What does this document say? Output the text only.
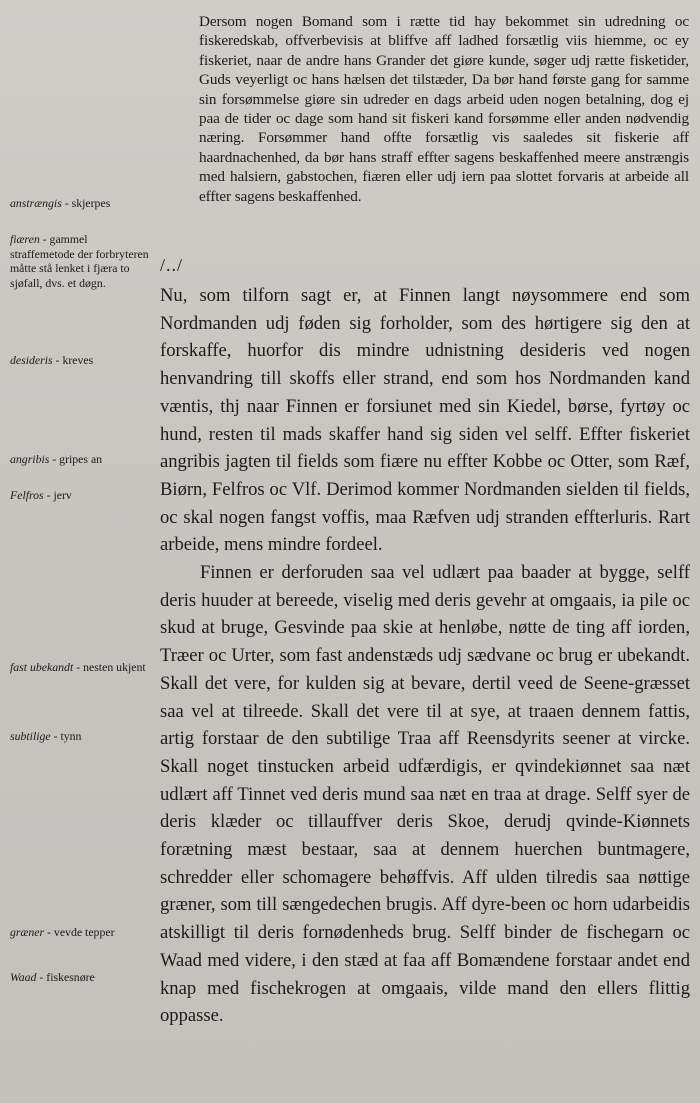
Dersom nogen Bomand som i rætte tid hay bekommet sin udredning oc fiskeredskab, offverbevisis at bliffve aff ladhed forsætlig viis hiemme, oc ey fiskeriet, naar de andre hans Grander det giøre kunde, søger udj rætte fisketider, Guds veyerligt oc hans hælsen det tilstæder, Da bør hand første gang for samme sin forsømmelse giøre sin udreder en dags arbeid uden nogen betalning, dog ej paa de tider oc dage som hand sit fiskeri kand forsømme eller anden nødvendig næring. Forsømmer hand offte forsætlig vis saaledes sit fiskerie aff haardnachenhed, da bør hans straff effter sagens beskaffenhed meere anstrængis med halsiern, gabstochen, fiæren eller udj iern paa slottet forvaris at arbeide all effter sagens beskaffenhed.

/../

Nu, som tilforn sagt er, at Finnen langt nøysommere end som Nordmanden udj føden sig forholder, som des hørtigere sig den at forskaffe, huorfor dis mindre udnistning desideris ved nogen henvandring till skoffs eller strand, end som hos Nordmanden kand væntis, thj naar Finnen er forsiunet med sin Kiedel, børse, fyrtøy oc hund, resten til mads skaffer hand sig siden vel selff. Effter fiskeriet angribis jagten til fields som fiære nu effter Kobbe oc Otter, som Ræf, Biørn, Felfros oc Vlf. Derimod kommer Nordmanden sielden til fields, oc skal nogen fangst voffis, maa Ræfven udj stranden effterluris. Rart arbeide, mens mindre fordeel.

Finnen er derforuden saa vel udlært paa baader at bygge, selff deris huuder at bereede, viselig med deris gevehr at omgaais, ia pile oc skud at bruge, Gesvinde paa skie at henløbe, nøtte de ting aff iorden, Træer oc Urter, som fast andenstæds udj sædvane oc brug er ubekandt. Skall det vere, for kulden sig at bevare, dertil veed de Seene-græsset saa vel at tilreede. Skall det vere til at sye, at traaen dennem fattis, artig forstaar de den subtilige Traa aff Reensdyrits seener at vircke. Skall noget tinstucken arbeid udfærdigis, er qvindekiønnet saa næt udlært aff Tinnet ved deris mund saa næt en traa at drage. Selff syer de deris klæder oc tillauffver deris Skoe, derudj qvinde-Kiønnets forætning mæst bestaar, saa at dennem huerchen buntmagere, schredder eller schomagere behøffvis. Aff ulden tilredis saa nøttige græner, som till sængedechen brugis. Aff dyre-been oc horn udarbeidis atskilligt til deris fornødenheds brug. Selff binder de fischegarn oc Waad med videre, i den stæd at faa aff Bomændene forstaar andet end knap med fischekrogen at omgaais, vilde mand den ellers flittig oppasse.

anstrængis - skjerpes
fiæren - gammel straffemetode der forbryteren måtte stå lenket i fjæra to sjøfall, dvs. et døgn.
desideris - kreves
angribis - gripes an
Felfros - jerv
fast ubekandt - nesten ukjent
subtilige - tynn
græner - vevde tepper
Waad - fiskesnøre
